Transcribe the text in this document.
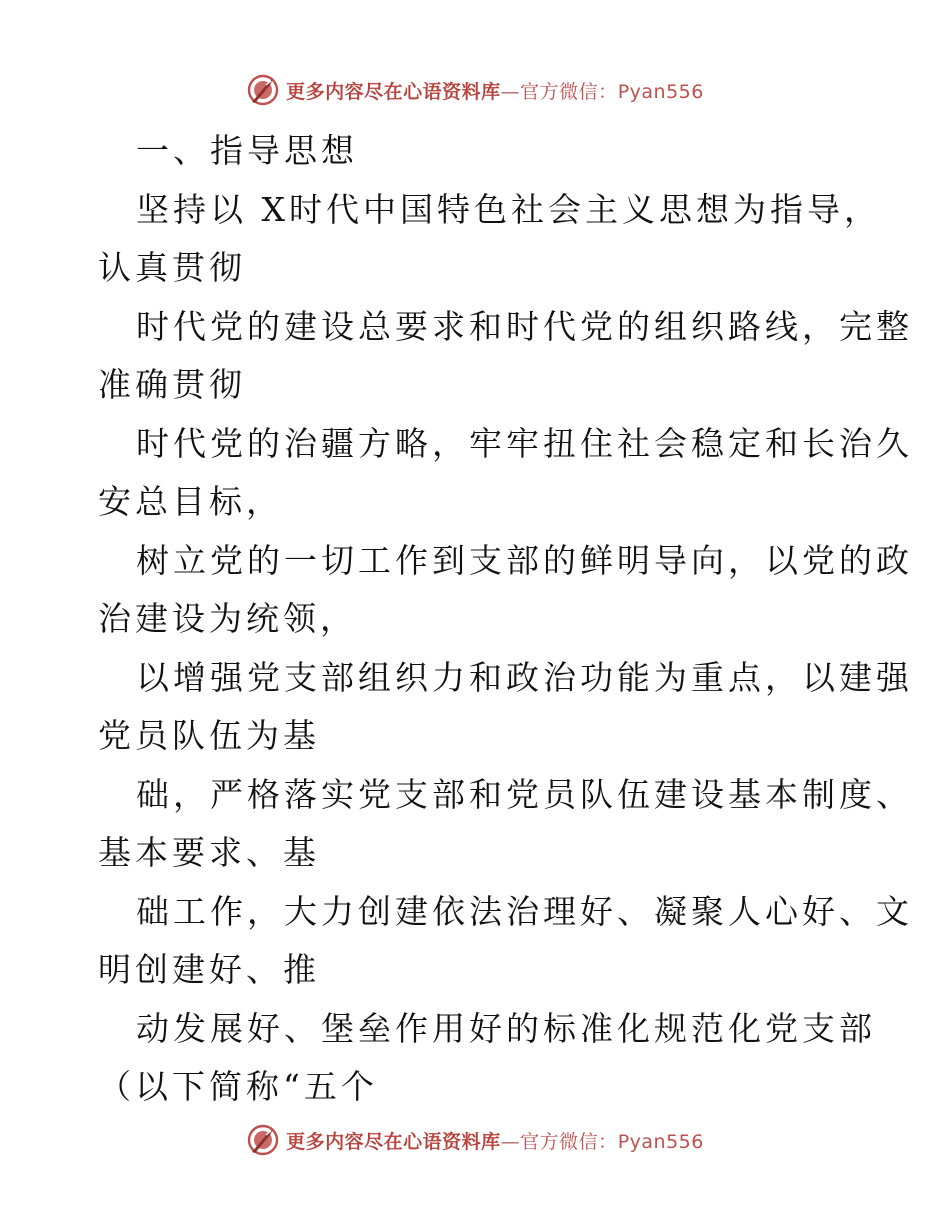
更多内容尽在心语资料库—官方微信：Pyan556
一、指导思想
坚持以 X时代中国特色社会主义思想为指导，
认真贯彻
时代党的建设总要求和时代党的组织路线，完整
准确贯彻
时代党的治疆方略，牢牢扭住社会稳定和长治久
安总目标，
树立党的一切工作到支部的鲜明导向，以党的政
治建设为统领，
以增强党支部组织力和政治功能为重点，以建强
党员队伍为基
础，严格落实党支部和党员队伍建设基本制度、
基本要求、基
础工作，大力创建依法治理好、凝聚人心好、文
明创建好、推
动发展好、堡垒作用好的标准化规范化党支部
（以下简称“五个
更多内容尽在心语资料库—官方微信：Pyan556
